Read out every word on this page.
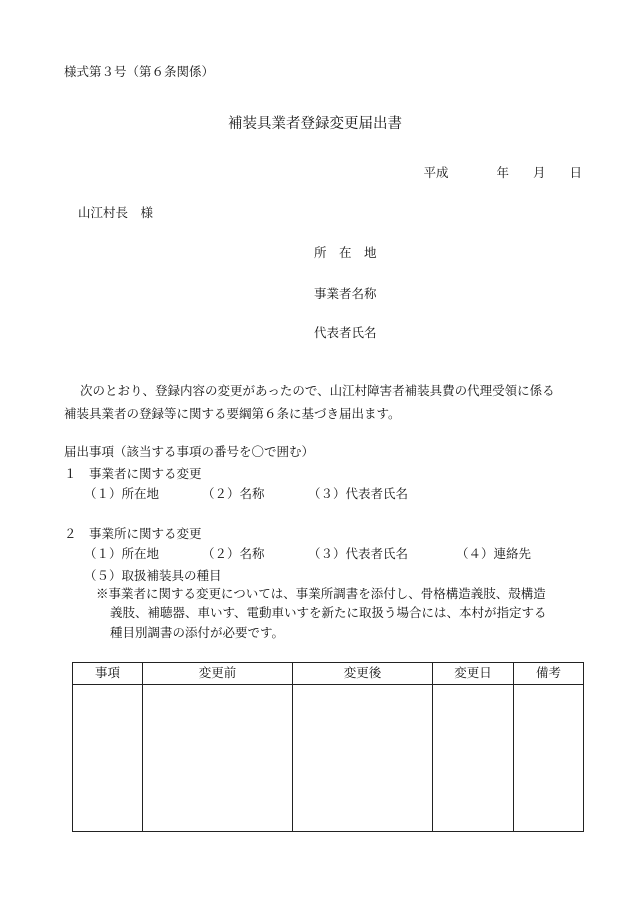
様式第３号（第６条関係）
補装具業者登録変更届出書
平成	年 月 日
山江村長　様
所　在　地
事業者名称
代表者氏名
次のとおり、登録内容の変更があったので、山江村障害者補装具費の代理受領に係る
補装具業者の登録等に関する要綱第６条に基づき届出ます。
届出事項（該当する事項の番号を〇で囲む）
１　事業者に関する変更
（１）所在地	（２）名称	（３）代表者氏名
２　事業所に関する変更
（１）所在地	（２）名称	（３）代表者氏名	（４）連絡先
（５）取扱補装具の種目
※事業者に関する変更については、事業所調書を添付し、骨格構造義肢、殻構造
義肢、補聴器、車いす、電動車いすを新たに取扱う場合には、本村が指定する
種目別調書の添付が必要です。
事項	変更前	変更後	変更日	備考
